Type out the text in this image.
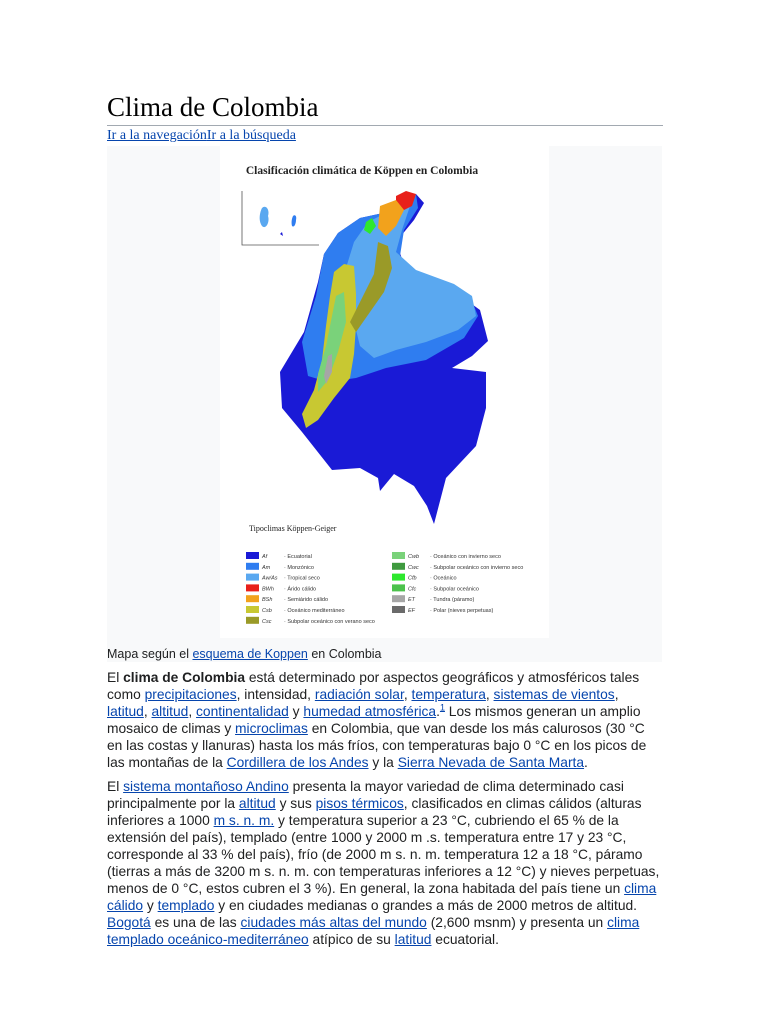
Clima de Colombia
Ir a la navegaciónIr a la búsqueda
Clasificación climática de Köppen en Colombia
Tipoclimas Köppen-Geiger
Af	· Ecuatorial
Am	· Monzónico
Aw/As · Tropical seco
BWh · Árido cálido
BSh · Semiárido cálido
Csb · Oceánico mediterráneo
Csc · Subpolar oceánico con verano seco
Cwb · Oceánico con invierno seco
Cwc · Subpolar oceánico con invierno seco
Cfb · Oceánico
Cfc	· Subpolar oceánico
ET	· Tundra (páramo)
EF	· Polar (nieves perpetuas)
Mapa según el esquema de Koppen en Colombia

El clima de Colombia está determinado por aspectos geográficos y atmosféricos tales como precipitaciones, intensidad, radiación solar, temperatura, sistemas de vientos, latitud, altitud, continentalidad y humedad atmosférica.$^1$ Los mismos generan un amplio mosaico de climas y microclimas en Colombia, que van desde los más calurosos (30 °C en las costas y llanuras) hasta los más fríos, con temperaturas bajo 0 °C en los picos de las montañas de la Cordillera de los Andes y la Sierra Nevada de Santa Marta.

El sistema montañoso Andino presenta la mayor variedad de clima determinado casi principalmente por la altitud y sus pisos térmicos, clasificados en climas cálidos (alturas inferiores a 1000 m s. n. m. y temperatura superior a 23 °C, cubriendo el 65 % de la extensión del país), templado (entre 1000 y 2000 m .s. temperatura entre 17 y 23 °C, corresponde al 33 % del país), frío (de 2000 m s. n. m. temperatura 12 a 18 °C, páramo (tierras a más de 3200 m s. n. m. con temperaturas inferiores a 12 °C) y nieves perpetuas, menos de 0 °C, estos cubren el 3 %). En general, la zona habitada del país tiene un clima cálido y templado y en ciudades medianas o grandes a más de 2000 metros de altitud. Bogotá es una de las ciudades más altas del mundo (2,600 msnm) y presenta un clima templado oceánico-mediterráneo atípico de su latitud ecuatorial.
